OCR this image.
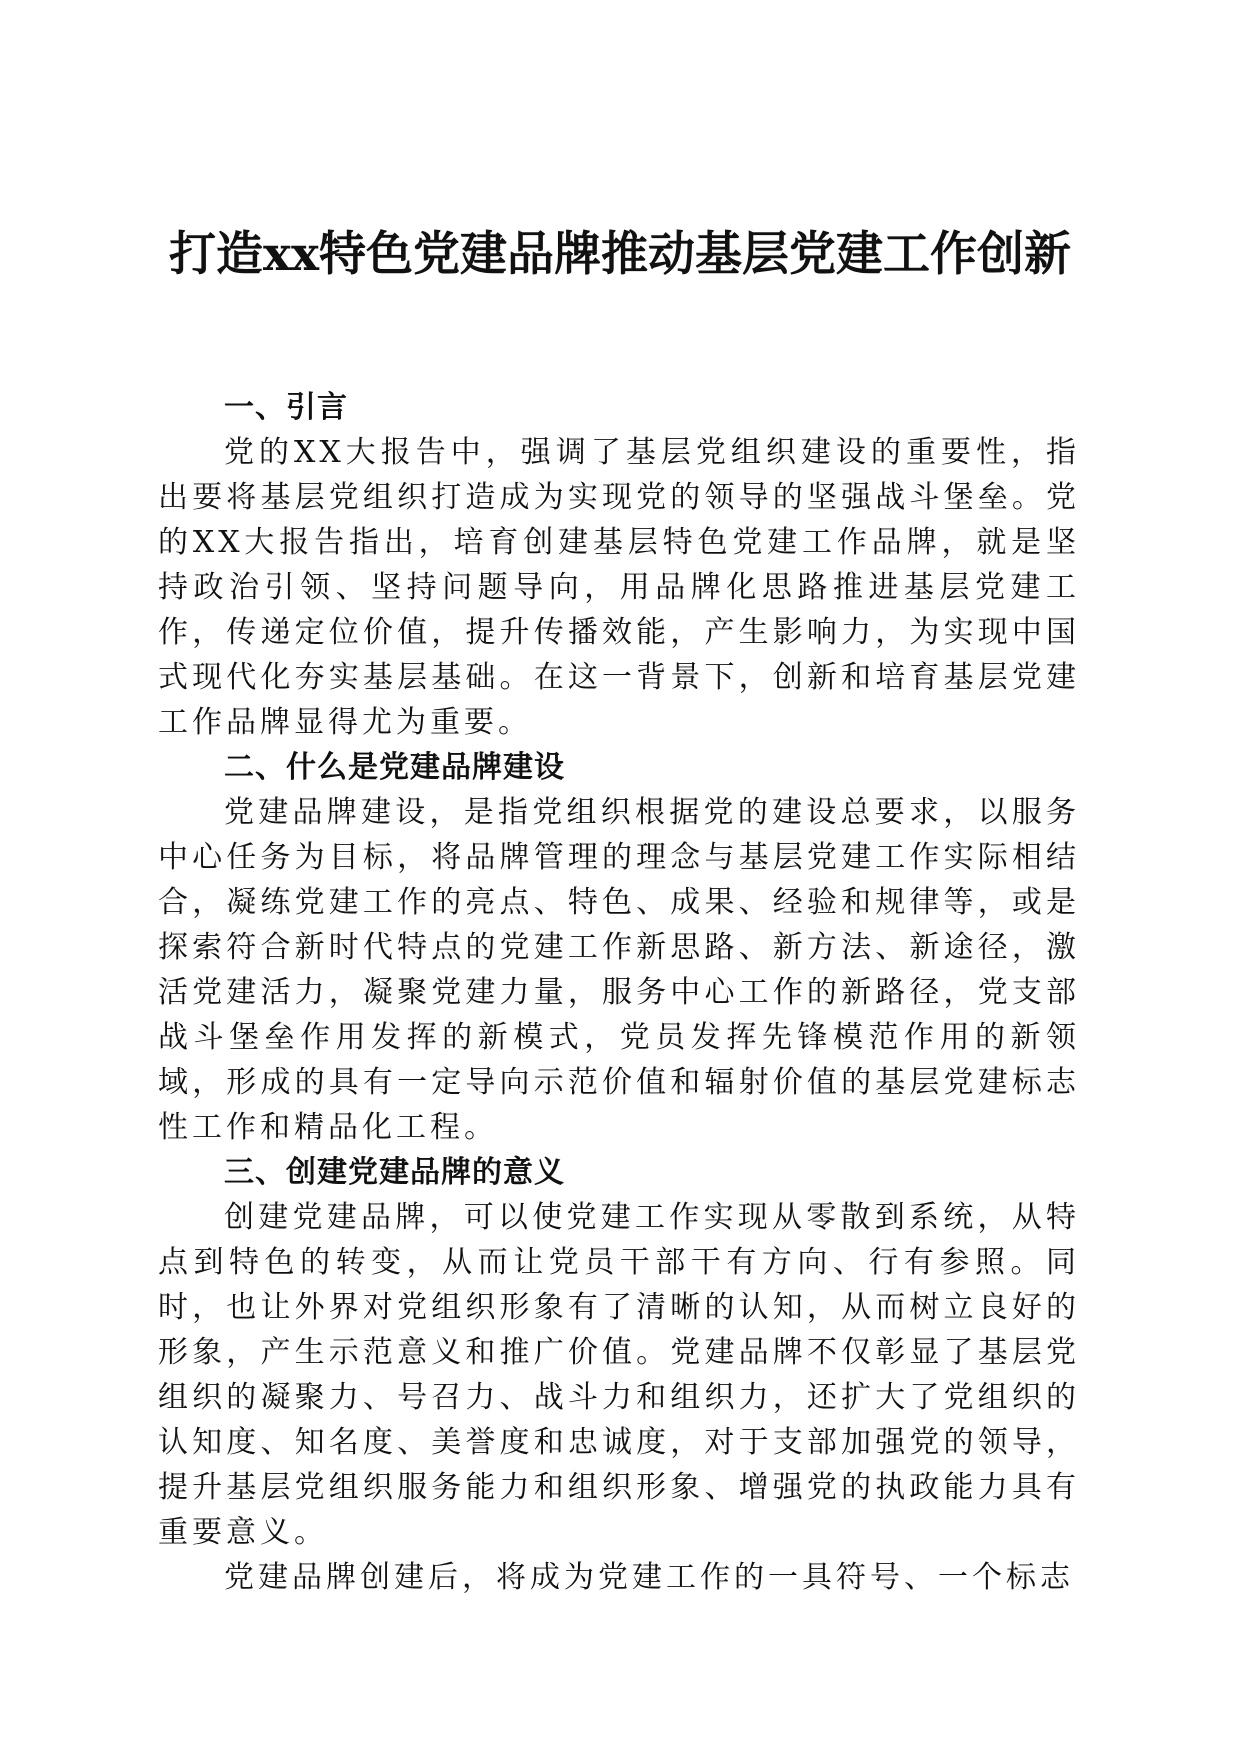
打造xx特色党建品牌推动基层党建工作创新

一、引言

党的XX大报告中，强调了基层党组织建设的重要性，指出要将基层党组织打造成为实现党的领导的坚强战斗堡垒。党的XX大报告指出，培育创建基层特色党建工作品牌，就是坚持政治引领、坚持问题导向，用品牌化思路推进基层党建工作，传递定位价值，提升传播效能，产生影响力，为实现中国式现代化夯实基层基础。在这一背景下，创新和培育基层党建工作品牌显得尤为重要。

二、什么是党建品牌建设

党建品牌建设，是指党组织根据党的建设总要求，以服务中心任务为目标，将品牌管理的理念与基层党建工作实际相结合，凝练党建工作的亮点、特色、成果、经验和规律等，或是探索符合新时代特点的党建工作新思路、新方法、新途径，激活党建活力，凝聚党建力量，服务中心工作的新路径，党支部战斗堡垒作用发挥的新模式，党员发挥先锋模范作用的新领域，形成的具有一定导向示范价值和辐射价值的基层党建标志性工作和精品化工程。

三、创建党建品牌的意义

创建党建品牌，可以使党建工作实现从零散到系统，从特点到特色的转变，从而让党员干部干有方向、行有参照。同时，也让外界对党组织形象有了清晰的认知，从而树立良好的形象，产生示范意义和推广价值。党建品牌不仅彰显了基层党组织的凝聚力、号召力、战斗力和组织力，还扩大了党组织的认知度、知名度、美誉度和忠诚度，对于支部加强党的领导，提升基层党组织服务能力和组织形象、增强党的执政能力具有重要意义。

党建品牌创建后，将成为党建工作的一具符号、一个标志
